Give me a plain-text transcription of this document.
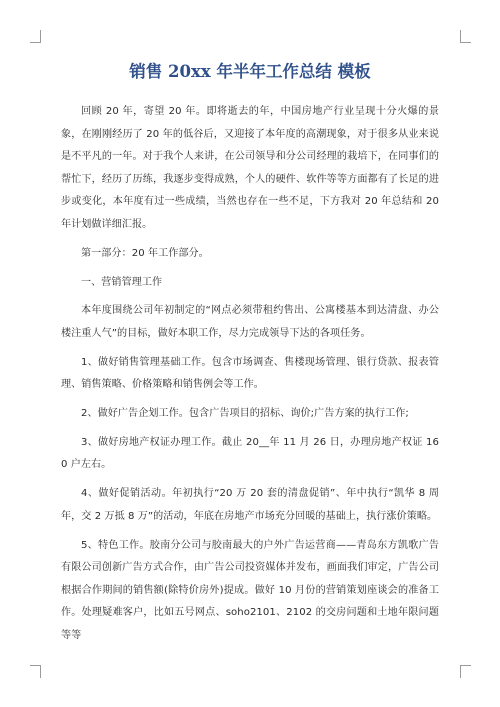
销售 20xx 年半年工作总结 模板

回顾 20 年，寄望 20 年。即将逝去的年，中国房地产行业呈现十分火爆的景象，在刚刚经历了 20 年的低谷后，又迎接了本年度的高潮现象，对于很多从业来说是不平凡的一年。对于我个人来讲，在公司领导和分公司经理的栽培下，在同事们的帮忙下，经历了历练，我逐步变得成熟，个人的硬件、软件等等方面都有了长足的进步或变化，本年度有过一些成绩，当然也存在一些不足，下方我对 20 年总结和 20 年计划做详细汇报。

第一部分：20 年工作部分。

一、营销管理工作

本年度围绕公司年初制定的“网点必须带租约售出、公寓楼基本到达清盘、办公楼注重人气”的目标，做好本职工作，尽力完成领导下达的各项任务。

1、做好销售管理基础工作。包含市场调查、售楼现场管理、银行贷款、报表管理、销售策略、价格策略和销售例会等工作。

2、做好广告企划工作。包含广告项目的招标、询价;广告方案的执行工作;

3、做好房地产权证办理工作。截止 20__年 11 月 26 日，办理房地产权证 160 户左右。

4、做好促销活动。年初执行“20 万 20 套的清盘促销”、年中执行“凯华 8 周年，交 2 万抵 8 万”的活动，年底在房地产市场充分回暖的基础上，执行涨价策略。

5、特色工作。胶南分公司与胶南最大的户外广告运营商——青岛东方凯歌广告有限公司创新广告方式合作，由广告公司投资媒体并发布，画面我们审定，广告公司根据合作期间的销售额(除特价房外)提成。做好 10 月份的营销策划座谈会的准备工作。处理疑难客户，比如五号网点、soho2101、2102 的交房问题和土地年限问题等等
